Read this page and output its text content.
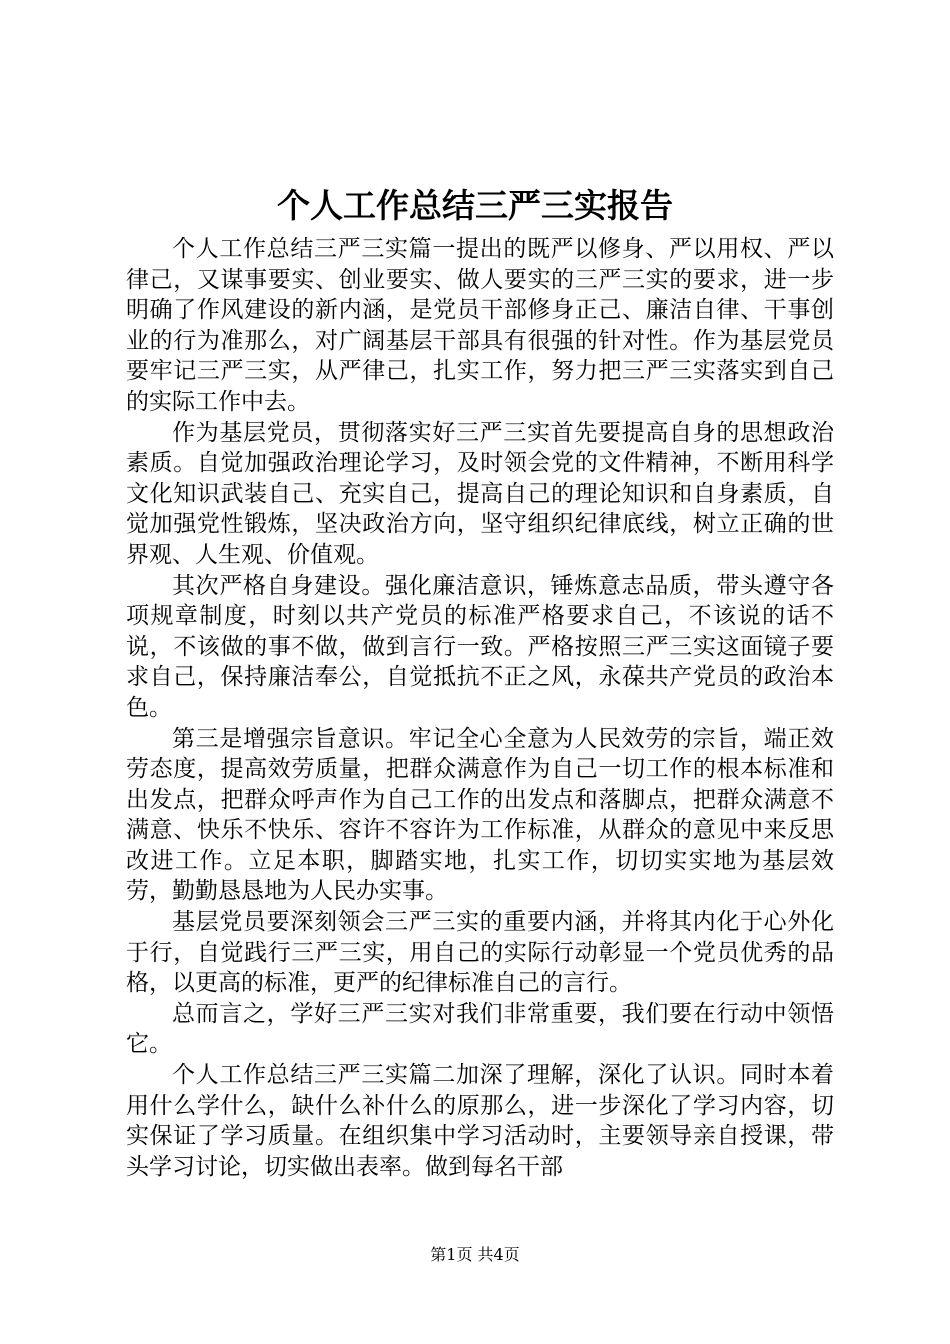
个人工作总结三严三实报告

个人工作总结三严三实篇一提出的既严以修身、严以用权、严以律己，又谋事要实、创业要实、做人要实的三严三实的要求，进一步明确了作风建设的新内涵，是党员干部修身正己、廉洁自律、干事创业的行为准那么，对广阔基层干部具有很强的针对性。作为基层党员要牢记三严三实，从严律己，扎实工作，努力把三严三实落实到自己的实际工作中去。

作为基层党员，贯彻落实好三严三实首先要提高自身的思想政治素质。自觉加强政治理论学习，及时领会党的文件精神，不断用科学文化知识武装自己、充实自己，提高自己的理论知识和自身素质，自觉加强党性锻炼，坚决政治方向，坚守组织纪律底线，树立正确的世界观、人生观、价值观。

其次严格自身建设。强化廉洁意识，锤炼意志品质，带头遵守各项规章制度，时刻以共产党员的标准严格要求自己，不该说的话不说，不该做的事不做，做到言行一致。严格按照三严三实这面镜子要求自己，保持廉洁奉公，自觉抵抗不正之风，永葆共产党员的政治本色。

第三是增强宗旨意识。牢记全心全意为人民效劳的宗旨，端正效劳态度，提高效劳质量，把群众满意作为自己一切工作的根本标准和出发点，把群众呼声作为自己工作的出发点和落脚点，把群众满意不满意、快乐不快乐、容许不容许为工作标准，从群众的意见中来反思改进工作。立足本职，脚踏实地，扎实工作，切切实实地为基层效劳，勤勤恳恳地为人民办实事。

基层党员要深刻领会三严三实的重要内涵，并将其内化于心外化于行，自觉践行三严三实，用自己的实际行动彰显一个党员优秀的品格，以更高的标准，更严的纪律标准自己的言行。

总而言之，学好三严三实对我们非常重要，我们要在行动中领悟它。

个人工作总结三严三实篇二加深了理解，深化了认识。同时本着用什么学什么，缺什么补什么的原那么，进一步深化了学习内容，切实保证了学习质量。在组织集中学习活动时，主要领导亲自授课，带头学习讨论，切实做出表率。做到每名干部

第1页 共4页
